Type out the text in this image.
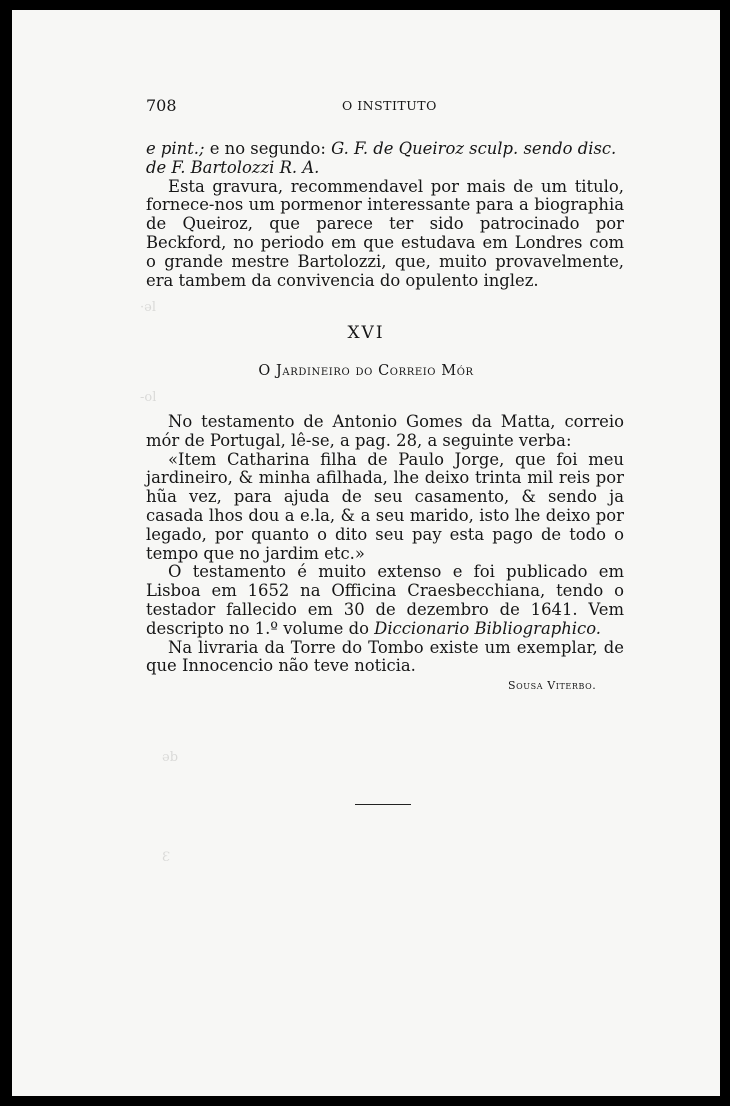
708	O INSTITUTO

e pint.; e no segundo: G. F. de Queiroz sculp. sendo disc.

de F. Bartolozzi R. A.

Esta gravura, recommendavel por mais de um titulo, fornece-nos um pormenor interessante para a biographia de Queiroz, que parece ter sido patrocinado por Beckford, no periodo em que estudava em Londres com o grande mestre Bartolozzi, que, muito provavelmente, era tambem da convivencia do opulento inglez.

XVI
O Jardineiro do Correio Mór

No testamento de Antonio Gomes da Matta, correio mór de Portugal, lê-se, a pag. 28, a seguinte verba:

«Item Catharina filha de Paulo Jorge, que foi meu jardineiro, & minha afilhada, lhe deixo trinta mil reis por hũa vez, para ajuda de seu casamento, & sendo ja casada lhos dou a e.la, & a seu marido, isto lhe deixo por legado, por quanto o dito seu pay esta pago de todo o tempo que no jardim etc.»

O testamento é muito extenso e foi publicado em Lisboa em 1652 na Officina Craesbecchiana, tendo o testador fallecido em 30 de dezembro de 1641. Vem descripto no 1.º volume do Diccionario Bibliographico.

Na livraria da Torre do Tombo existe um exemplar, de que Innocencio não teve noticia.

Sousa Viterbo.
·ǝl
-ol
ǝb
Ɛ
